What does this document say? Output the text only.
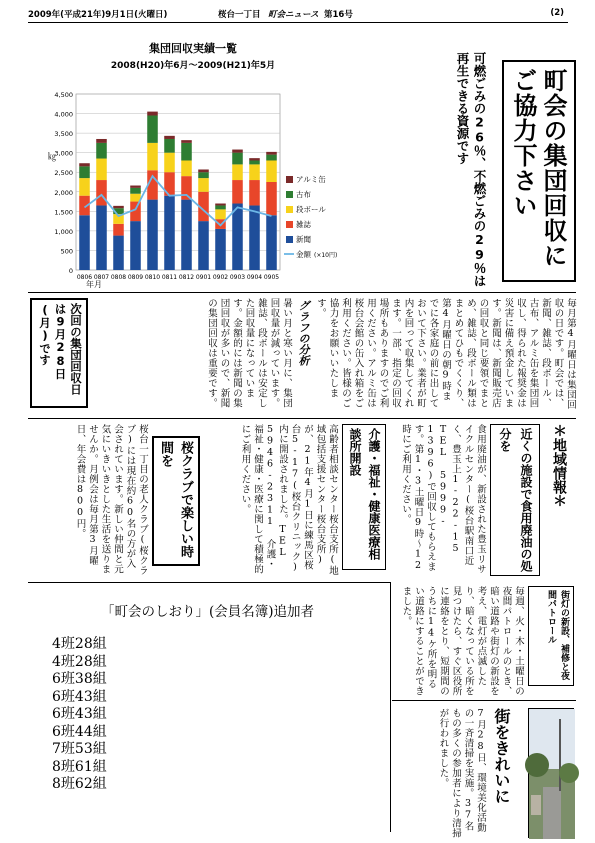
2009年(平成21年)9月1日(火曜日)	桜台一丁目 町会ニュース 第16号	(2)
集団回収実績一覧
2008(H20)年6月～2009(H21)年5月
0
500
1,000
1,500
2,000
2,500
3,000
3,500
4,000
4,500
0806 0807 0808 0809 0810 0811 0812 0901 0902 0903 0904 0905
アルミ缶
古布
段ボール
雑誌
新聞
金額 (×10円)
㎏
年月
町会の集団回収にご協力下さい
可燃ごみの26％、不燃ごみの29％は
再生できる資源です
毎月第4月曜日は集団回収の日です。町会では、新聞、雑誌、段ボール、古布、アルミ缶を集団回収し、得られた報奨金は災害に備え預金しています。新聞は、新聞販売店の回収と同じ要領でまとめ、雑誌、段ボール類はまとめてひもでくくり、第4月曜日の朝9時までに各家庭の前に出しておいて下さい。業者が町内を回って収集してくれます。一部、指定の回収場所もありますのでご利用ください。アルミ缶は桜台会館の缶入れ箱をご利用ください。皆様のご協力をお願いいたします。
グラフの分析
暑い月と寒い月に、集団回収量が減っています。雑誌、段ボールは安定した回収量になっています。金額的には新聞の集団回収が多いので、新聞の集団回収は重要です。
次回の集団回収日は9月28日(月)です
＊地域情報＊
近くの施設で食用廃油の処分を
食用廃油が、新設された豊玉リサイクルセンター(桜台駅南口近く、豊玉上1-22-15 TEL 5999-1396)で回収してもらえます。第1・3土曜日9時～12時にご利用ください。
介護・福祉・健康医療相談所開設
高齢者相談センター桜台支所(地域包括支援センター桜台支所)が、21年4月1日に練馬区桜台5-17(桜台クリニック)内に開設されました。TEL 5946-2311 介護・福祉・健康・医療に関して積極的にご利用ください。
桜クラブで楽しい時間を
桜台一丁目の老人クラブ(桜クラブ)には現在約60名の方が入会されています。新しい仲間と元気にいきいきとした生活を送りませんか。月例会は毎月第3月曜日、年会費は800円。
「町会のしおり」(会員名簿)追加者
4班28組
4班28組
6班38組
6班43組
6班43組
6班44組
7班53組
8班61組
8班62組
街灯の新設、補修と夜間パトロール
毎週、火・木・土曜日の夜間パトロールのとき、暗い道路や街灯の新設を考え、電灯が点滅したり、暗くなっている所を見つけたら、すぐ区役所に連絡をとり、短期間のうちに14ケ所を明るい道路にすることができました。
街をきれいに
7月28日、環境美化活動の一斉清掃を実施。37名もの多くの参加者により清掃が行われました。
